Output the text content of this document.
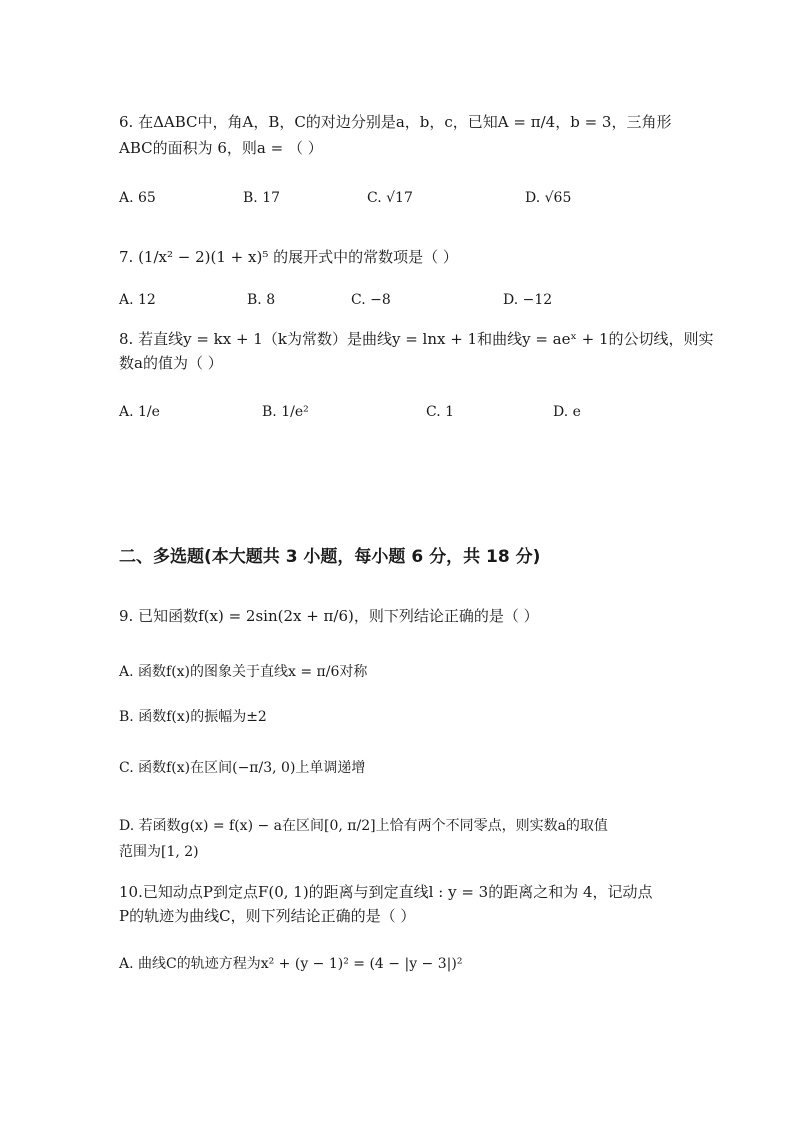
6. 在ΔABC中，角A，B，C的对边分别是a，b，c，已知A = π/4，b = 3，三角形
ABC的面积为 6，则a = （ ）
A. 65	B. 17	C. √17	D. √65
7. (1/x² − 2)(1 + x)⁵ 的展开式中的常数项是（ ）
A. 12	B. 8	C. −8	D. −12
8. 若直线y = kx + 1（k为常数）是曲线y = lnx + 1和曲线y = aeˣ + 1的公切线，则实
数a的值为（ ）
A. 1/e	B. 1/e²	C. 1	D. e
二、多选题(本大题共 3 小题，每小题 6 分，共 18 分)
9. 已知函数f(x) = 2sin(2x + π/6)，则下列结论正确的是（ ）
A. 函数f(x)的图象关于直线x = π/6对称
B. 函数f(x)的振幅为±2
C. 函数f(x)在区间(−π/3, 0)上单调递增
D. 若函数g(x) = f(x) − a在区间[0, π/2]上恰有两个不同零点，则实数a的取值
范围为[1, 2)
10.已知动点P到定点F(0, 1)的距离与到定直线l : y = 3的距离之和为 4，记动点
P的轨迹为曲线C，则下列结论正确的是（ ）
A. 曲线C的轨迹方程为x² + (y − 1)² = (4 − |y − 3|)²
